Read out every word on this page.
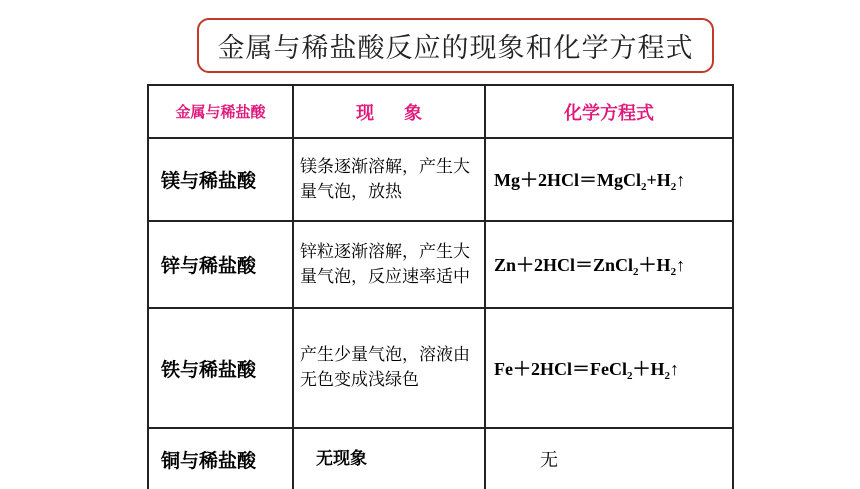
金属与稀盐酸反应的现象和化学方程式
金属与稀盐酸	现象	化学方程式
镁与稀盐酸	镁条逐渐溶解，产生大量气泡，放热	$Mg+2HCl=MgCl_2+H_2↑$
锌与稀盐酸	锌粒逐渐溶解，产生大量气泡，反应速率适中	$Zn+2HCl=ZnCl_2+H_2↑$
铁与稀盐酸	产生少量气泡，溶液由无色变成浅绿色	$Fe+2HCl=FeCl_2+H_2↑$
铜与稀盐酸	无现象	无
